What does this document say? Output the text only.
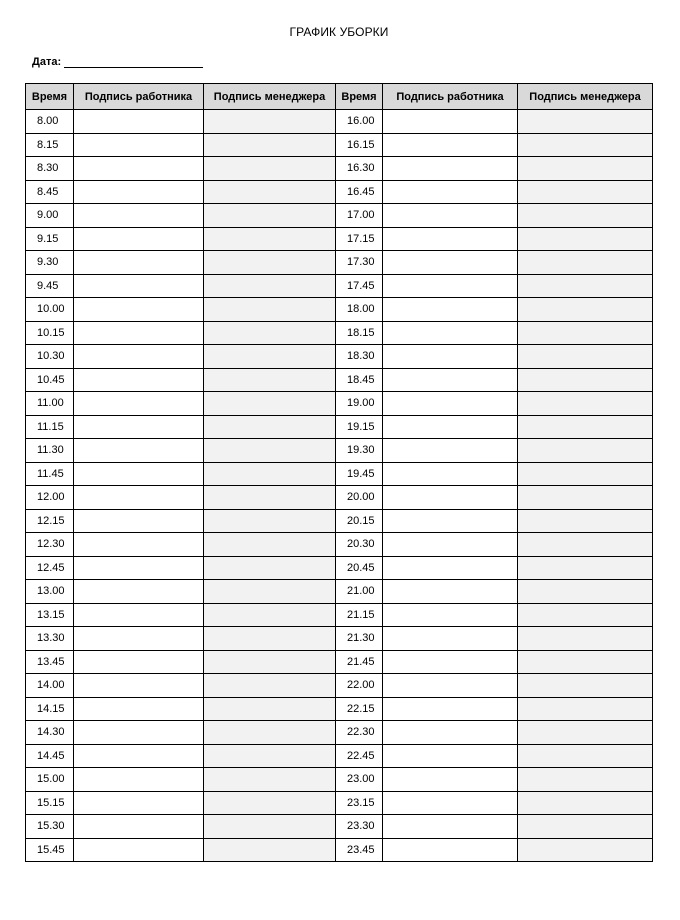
ГРАФИК УБОРКИ
Дата:
Время	Подпись работника	Подпись менеджера	Время	Подпись работника	Подпись менеджера
8.00			16.00		
8.15			16.15		
8.30			16.30		
8.45			16.45		
9.00			17.00		
9.15			17.15		
9.30			17.30		
9.45			17.45		
10.00			18.00		
10.15			18.15		
10.30			18.30		
10.45			18.45		
11.00			19.00		
11.15			19.15		
11.30			19.30		
11.45			19.45		
12.00			20.00		
12.15			20.15		
12.30			20.30		
12.45			20.45		
13.00			21.00		
13.15			21.15		
13.30			21.30		
13.45			21.45		
14.00			22.00		
14.15			22.15		
14.30			22.30		
14.45			22.45		
15.00			23.00		
15.15			23.15		
15.30			23.30		
15.45			23.45		
